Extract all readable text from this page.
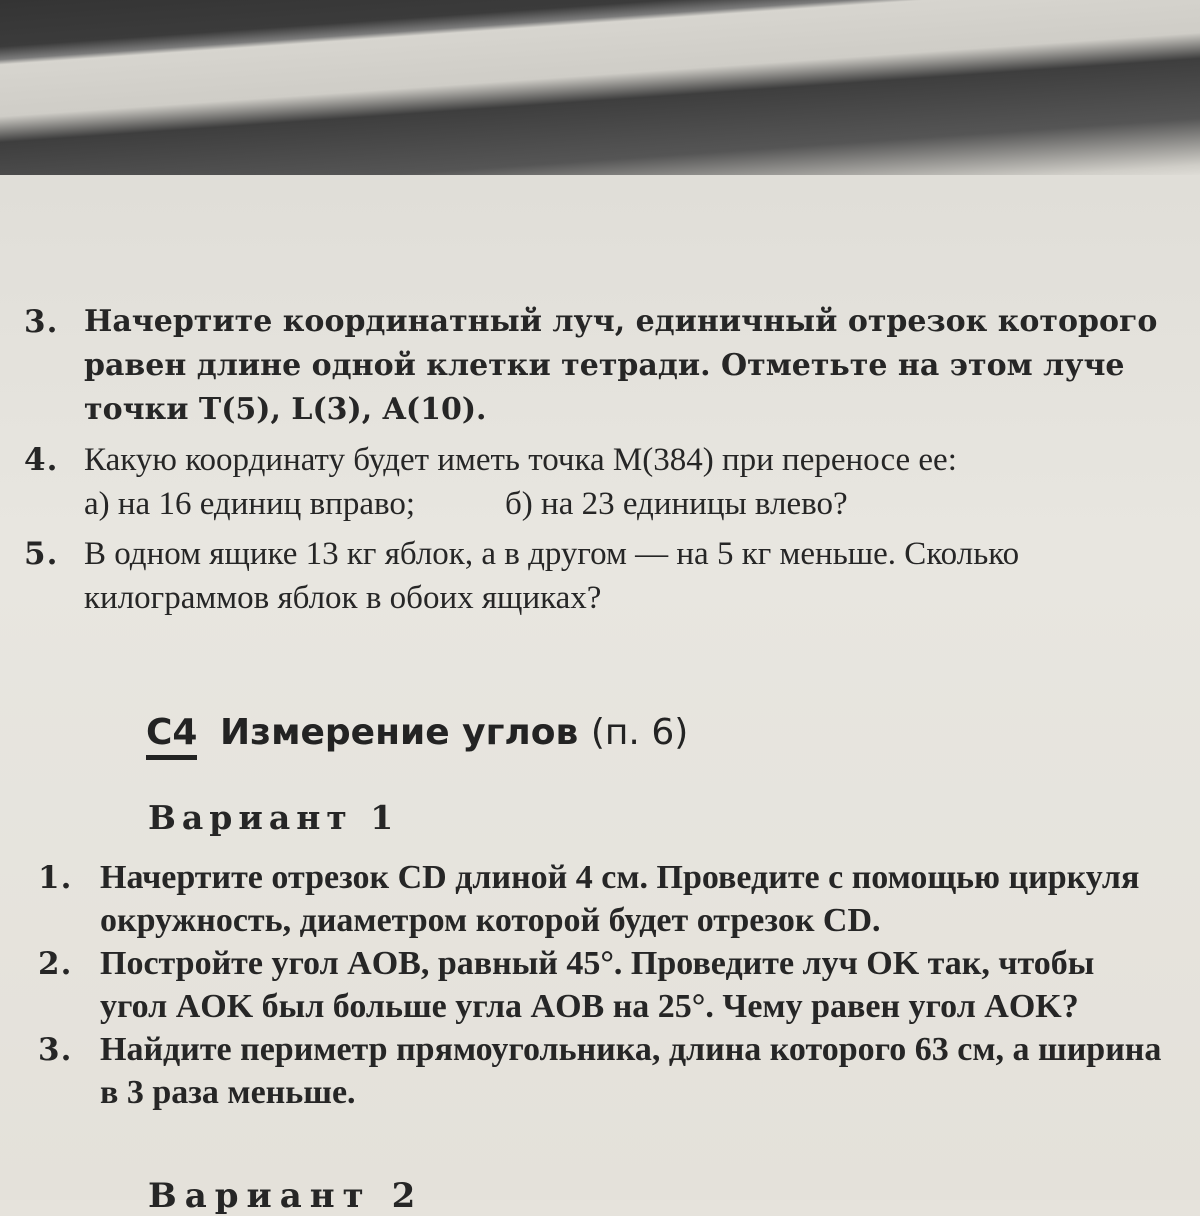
3. Начертите координатный луч, единичный отрезок которого равен длине одной клетки тетради. Отметьте на этом луче точки T(5), L(3), A(10).
4. Какую координату будет иметь точка M(384) при переносе ее:
а) на 16 единиц вправо;	б) на 23 единицы влево?
5. В одном ящике 13 кг яблок, а в другом — на 5 кг меньше. Сколько килограммов яблок в обоих ящиках?
С4 Измерение углов (п. 6)
Вариант 1
1. Начертите отрезок CD длиной 4 см. Проведите с помощью циркуля окружность, диаметром которой будет отрезок CD.
2. Постройте угол AOB, равный 45°. Проведите луч OK так, чтобы угол AOK был больше угла AOB на 25°. Чему равен угол AOK?
3. Найдите периметр прямоугольника, длина которого 63 см, а ширина в 3 раза меньше.
Вариант 2
